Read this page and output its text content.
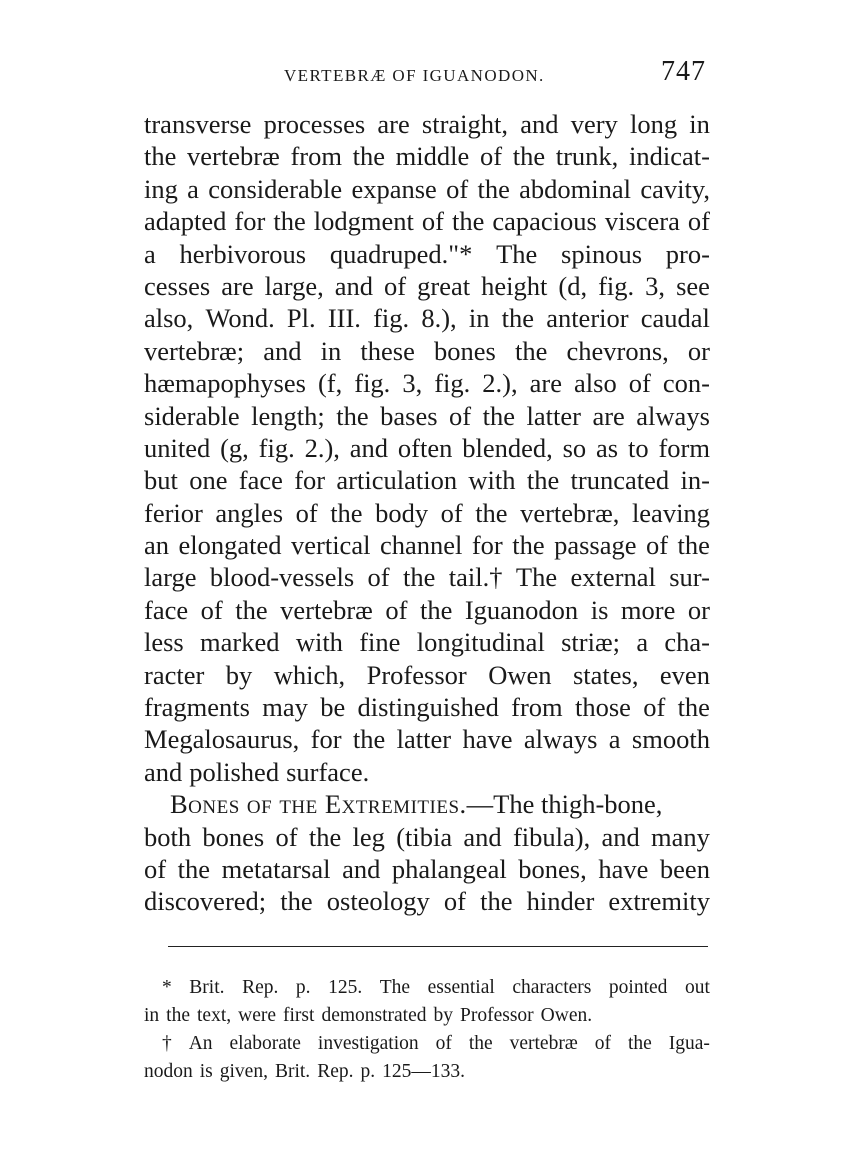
VERTEBRÆ OF IGUANODON.	747
transverse processes are straight, and very long in
the vertebræ from the middle of the trunk, indicat-
ing a considerable expanse of the abdominal cavity,
adapted for the lodgment of the capacious viscera of
a herbivorous quadruped."* The spinous pro-
cesses are large, and of great height (d, fig. 3, see
also, Wond. Pl. III. fig. 8.), in the anterior caudal
vertebræ; and in these bones the chevrons, or
hæmapophyses (f, fig. 3, fig. 2.), are also of con-
siderable length; the bases of the latter are always
united (g, fig. 2.), and often blended, so as to form
but one face for articulation with the truncated in-
ferior angles of the body of the vertebræ, leaving
an elongated vertical channel for the passage of the
large blood-vessels of the tail.† The external sur-
face of the vertebræ of the Iguanodon is more or
less marked with fine longitudinal striæ; a cha-
racter by which, Professor Owen states, even
fragments may be distinguished from those of the
Megalosaurus, for the latter have always a smooth
and polished surface.
Bones of the Extremities. —The thigh-bone,
both bones of the leg (tibia and fibula), and many
of the metatarsal and phalangeal bones, have been
discovered; the osteology of the hinder extremity
* Brit. Rep. p. 125. The essential characters pointed out
in the text, were first demonstrated by Professor Owen.
† An elaborate investigation of the vertebræ of the Igua-
nodon is given, Brit. Rep. p. 125—133.
